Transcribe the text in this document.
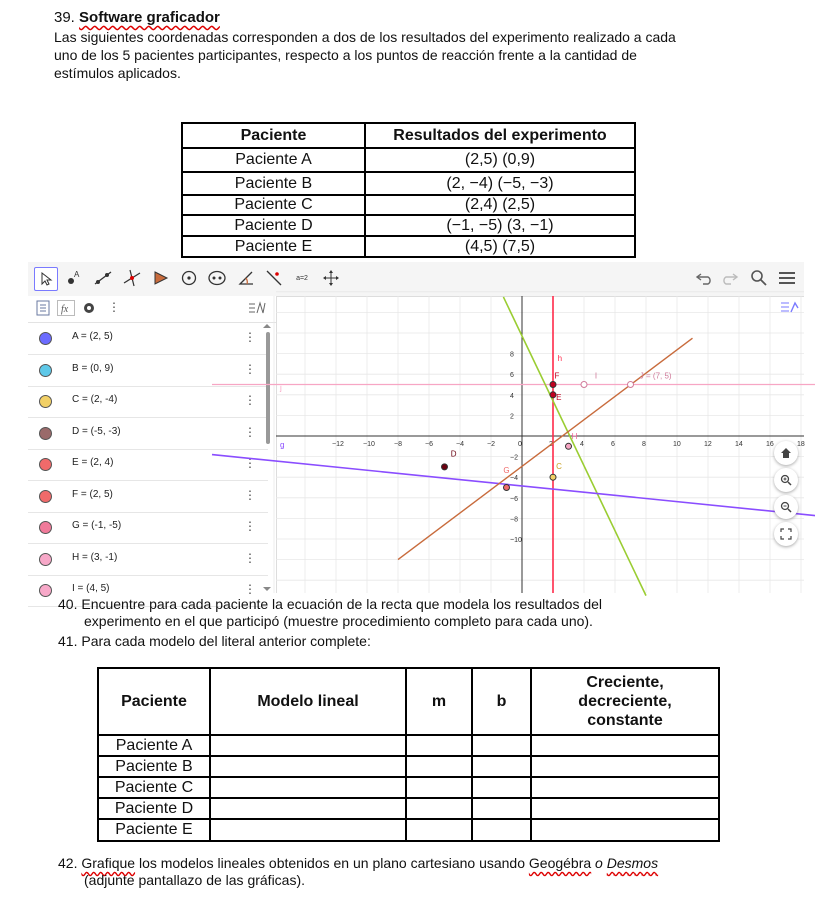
39. Software graficador
Las siguientes coordenadas corresponden a dos de los resultados del experimento realizado a cada
uno de los 5 pacientes participantes, respecto a los puntos de reacción frente a la cantidad de
estímulos aplicados.
Paciente	Resultados del experimento
Paciente A	(2,5) (0,9)
Paciente B	(2, −4) (−5, −3)
Paciente C	(2,4) (2,5)
Paciente D	(−1, −5) (3, −1)
Paciente E	(4,5) (7,5)
A	a=2
fx	⋮
A = (2, 5)	⋮
B = (0, 9)	⋮
C = (2, -4)	⋮
D = (-5, -3)	⋮
E = (2, 4)	⋮
F = (2, 5)	⋮
G = (-1, -5)	⋮
H = (3, -1)	⋮
I = (4, 5)	⋮
−12	−10	−8	−6	−4	−2	0	4	6	8	10	12	14	16	18
8
6
4
2
−2
−4
−6
−8
−10
h
j
g
D
C
E
F
G
H
I	J = (7, 5)
40. Encuentre para cada paciente la ecuación de la recta que modela los resultados del
experimento en el que participó (muestre procedimiento completo para cada uno).
41. Para cada modelo del literal anterior complete:
Paciente	Modelo lineal	m	b	Creciente,
decreciente,
constante

Paciente A				
Paciente B				
Paciente C				
Paciente D				
Paciente E				
42. Grafique los modelos lineales obtenidos en un plano cartesiano usando Geogébra o Desmos
(adjunte pantallazo de las gráficas).
